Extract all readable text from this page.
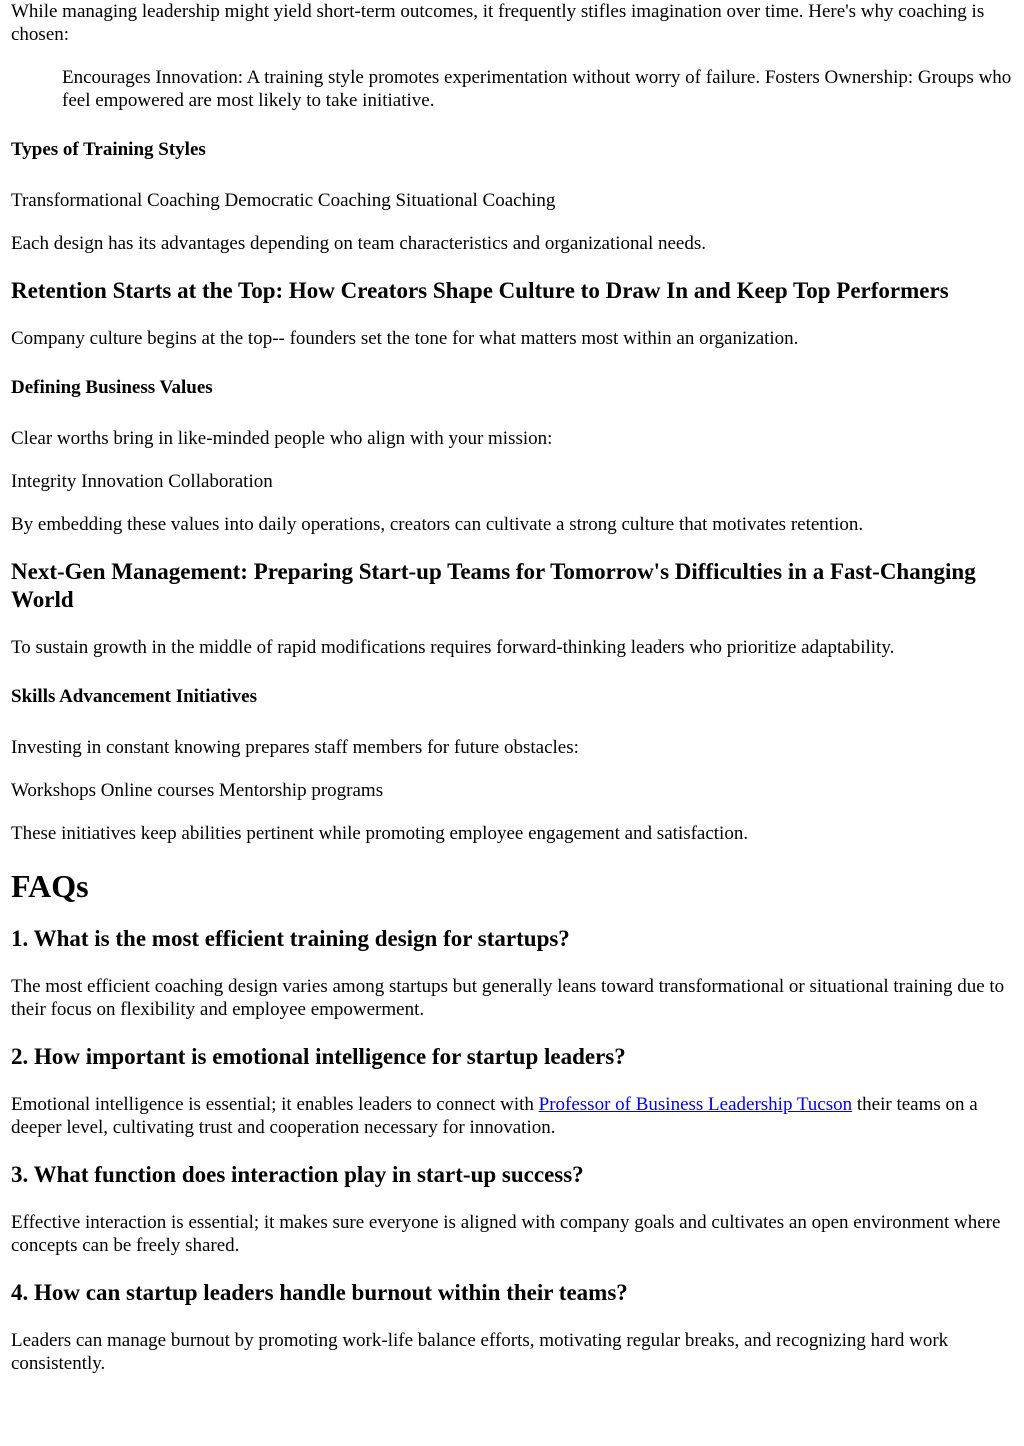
While managing leadership might yield short-term outcomes, it frequently stifles imagination over time. Here's why coaching is chosen:

Encourages Innovation: A training style promotes experimentation without worry of failure. Fosters Ownership: Groups who feel empowered are most likely to take initiative.

Types of Training Styles

Transformational Coaching Democratic Coaching Situational Coaching

Each design has its advantages depending on team characteristics and organizational needs.

Retention Starts at the Top: How Creators Shape Culture to Draw In and Keep Top Performers

Company culture begins at the top-- founders set the tone for what matters most within an organization.

Defining Business Values

Clear worths bring in like-minded people who align with your mission:

Integrity Innovation Collaboration

By embedding these values into daily operations, creators can cultivate a strong culture that motivates retention.

Next-Gen Management: Preparing Start-up Teams for Tomorrow's Difficulties in a Fast-Changing World

To sustain growth in the middle of rapid modifications requires forward-thinking leaders who prioritize adaptability.

Skills Advancement Initiatives

Investing in constant knowing prepares staff members for future obstacles:

Workshops Online courses Mentorship programs

These initiatives keep abilities pertinent while promoting employee engagement and satisfaction.

FAQs

1. What is the most efficient training design for startups?

The most efficient coaching design varies among startups but generally leans toward transformational or situational training due to their focus on flexibility and employee empowerment.

2. How important is emotional intelligence for startup leaders?

Emotional intelligence is essential; it enables leaders to connect with Professor of Business Leadership Tucson their teams on a deeper level, cultivating trust and cooperation necessary for innovation.

3. What function does interaction play in start-up success?

Effective interaction is essential; it makes sure everyone is aligned with company goals and cultivates an open environment where concepts can be freely shared.

4. How can startup leaders handle burnout within their teams?

Leaders can manage burnout by promoting work-life balance efforts, motivating regular breaks, and recognizing hard work consistently.
